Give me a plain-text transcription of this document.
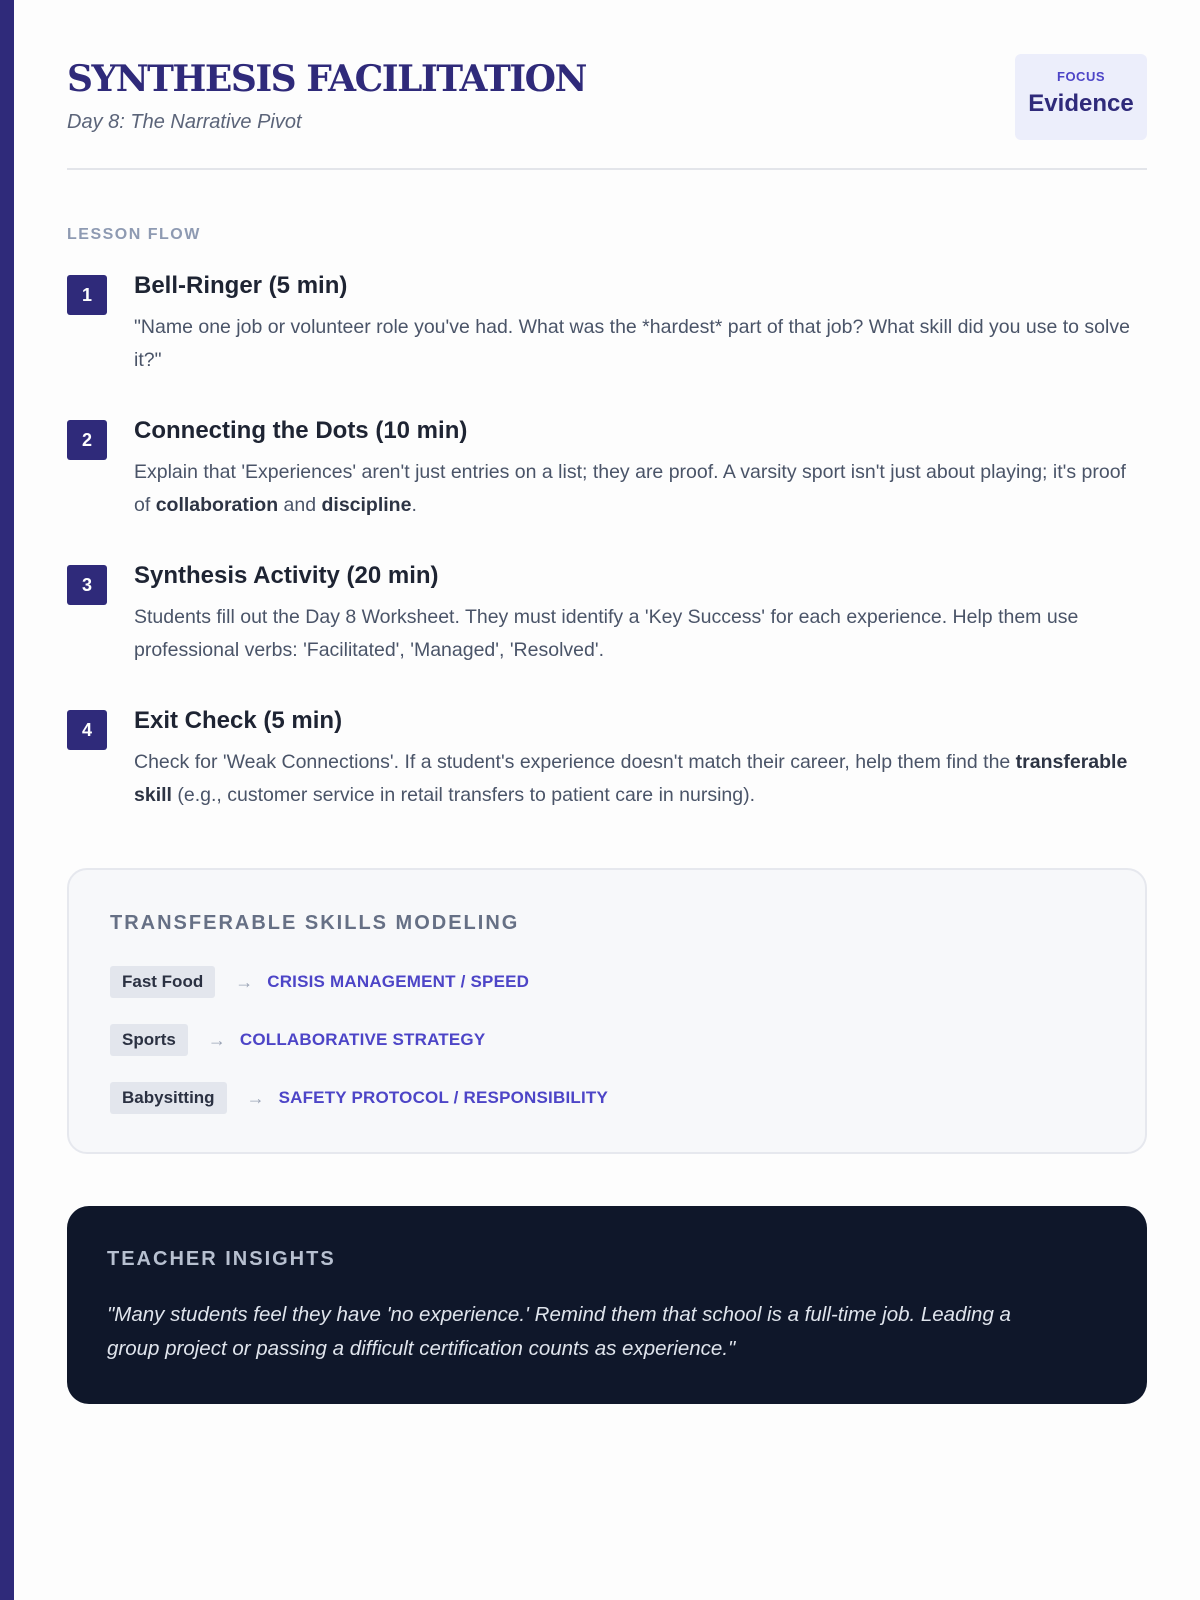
SYNTHESIS FACILITATION
Day 8: The Narrative Pivot
FOCUS
Evidence
LESSON FLOW
1	Bell-Ringer (5 min)
"Name one job or volunteer role you've had. What was the *hardest* part of that job? What skill did you use to solve it?"
2	Connecting the Dots (10 min)
Explain that 'Experiences' aren't just entries on a list; they are proof. A varsity sport isn't just about playing; it's proof of collaboration and discipline.
3	Synthesis Activity (20 min)
Students fill out the Day 8 Worksheet. They must identify a 'Key Success' for each experience. Help them use professional verbs: 'Facilitated', 'Managed', 'Resolved'.
4	Exit Check (5 min)
Check for 'Weak Connections'. If a student's experience doesn't match their career, help them find the transferable skill (e.g., customer service in retail transfers to patient care in nursing).
TRANSFERABLE SKILLS MODELING
Fast Food	→ CRISIS MANAGEMENT / SPEED
Sports	→ COLLABORATIVE STRATEGY
Babysitting	→ SAFETY PROTOCOL / RESPONSIBILITY
TEACHER INSIGHTS
"Many students feel they have 'no experience.' Remind them that school is a full-time job. Leading a group project or passing a difficult certification counts as experience."
